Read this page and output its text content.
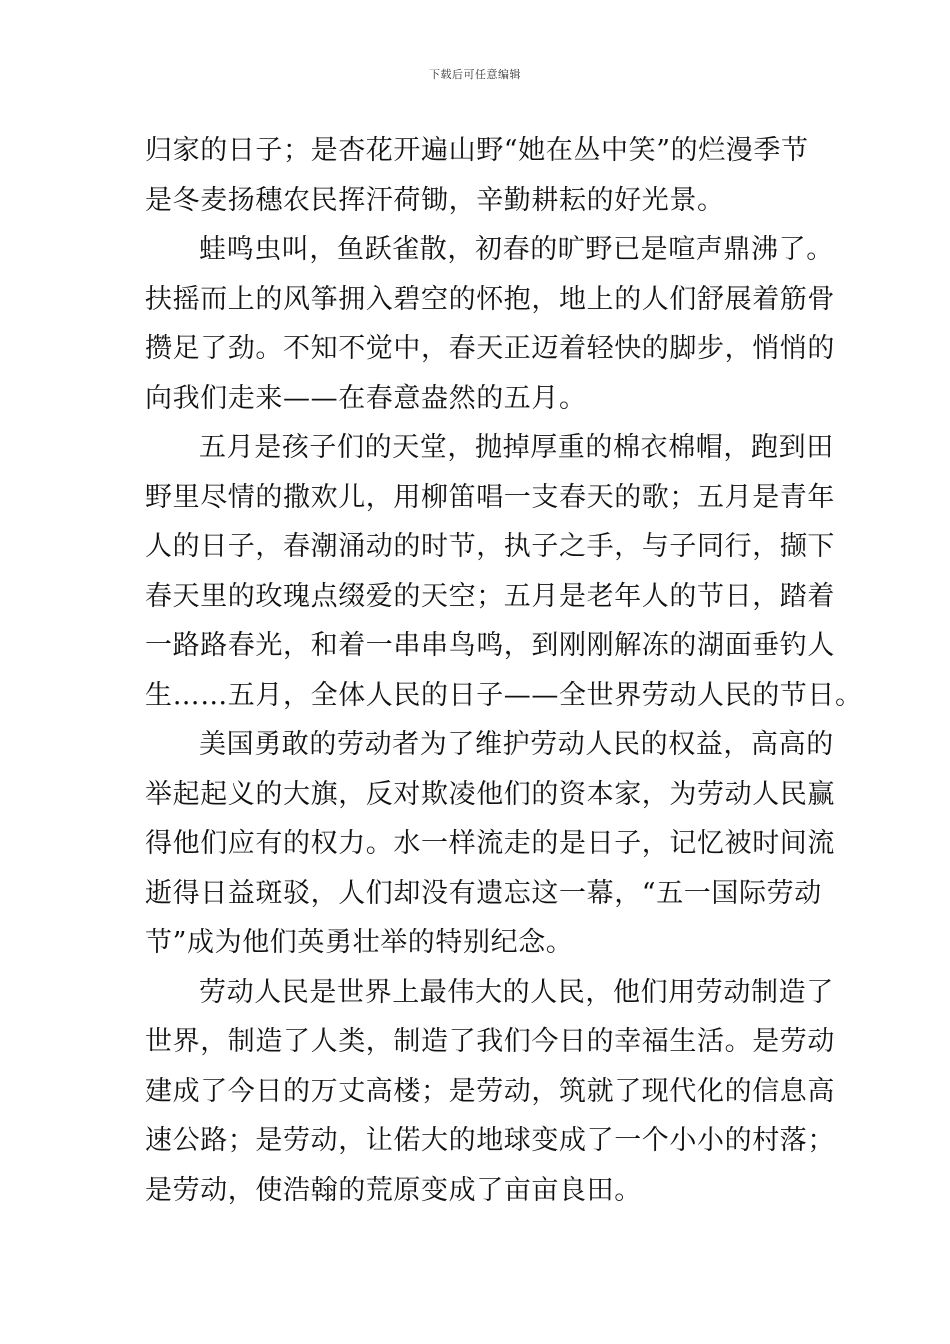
下载后可任意编辑
归家的日子；是杏花开遍山野“她在丛中笑”的烂漫季节
是冬麦扬穗农民挥汗荷锄，辛勤耕耘的好光景。
蛙鸣虫叫，鱼跃雀散，初春的旷野已是喧声鼎沸了。
扶摇而上的风筝拥入碧空的怀抱，地上的人们舒展着筋骨
攒足了劲。不知不觉中，春天正迈着轻快的脚步，悄悄的
向我们走来——在春意盎然的五月。
五月是孩子们的天堂，抛掉厚重的棉衣棉帽，跑到田
野里尽情的撒欢儿，用柳笛唱一支春天的歌；五月是青年
人的日子，春潮涌动的时节，执子之手，与子同行，撷下
春天里的玫瑰点缀爱的天空；五月是老年人的节日，踏着
一路路春光，和着一串串鸟鸣，到刚刚解冻的湖面垂钓人
生……五月，全体人民的日子——全世界劳动人民的节日。
美国勇敢的劳动者为了维护劳动人民的权益，高高的
举起起义的大旗，反对欺凌他们的资本家，为劳动人民赢
得他们应有的权力。水一样流走的是日子，记忆被时间流
逝得日益斑驳，人们却没有遗忘这一幕，“五一国际劳动
节”成为他们英勇壮举的特别纪念。
劳动人民是世界上最伟大的人民，他们用劳动制造了
世界，制造了人类，制造了我们今日的幸福生活。是劳动
建成了今日的万丈高楼；是劳动，筑就了现代化的信息高
速公路；是劳动，让偌大的地球变成了一个小小的村落；
是劳动，使浩翰的荒原变成了亩亩良田。
